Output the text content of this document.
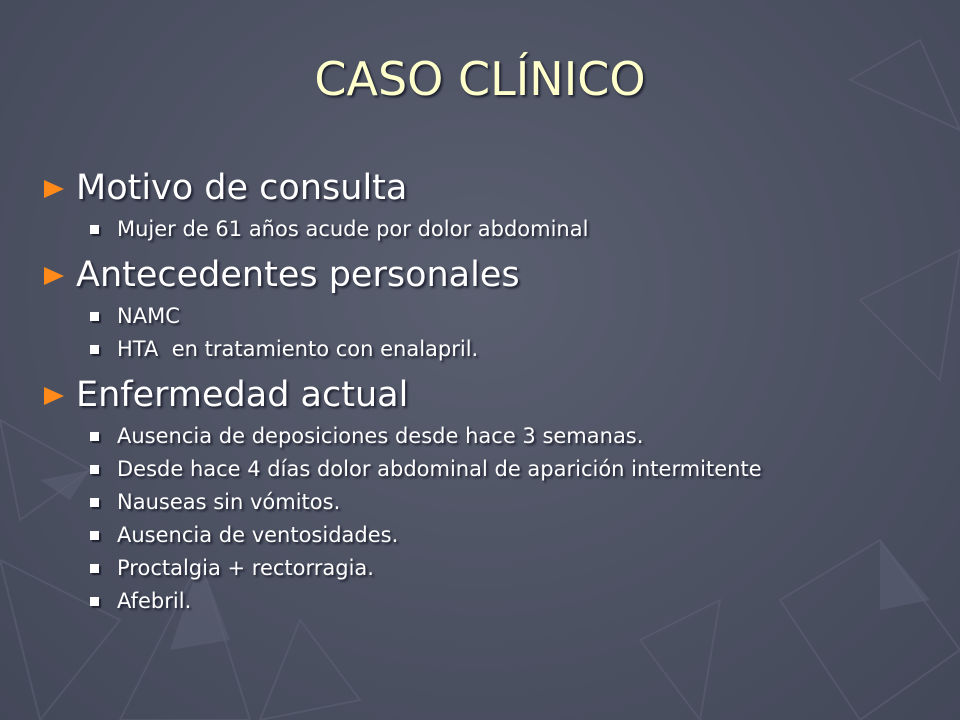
CASO CLÍNICO
Motivo de consulta
Mujer de 61 años acude por dolor abdominal
Antecedentes personales
NAMC
HTA  en tratamiento con enalapril.
Enfermedad actual
Ausencia de deposiciones desde hace 3 semanas.
Desde hace 4 días dolor abdominal de aparición intermitente
Nauseas sin vómitos.
Ausencia de ventosidades.
Proctalgia + rectorragia.
Afebril.
